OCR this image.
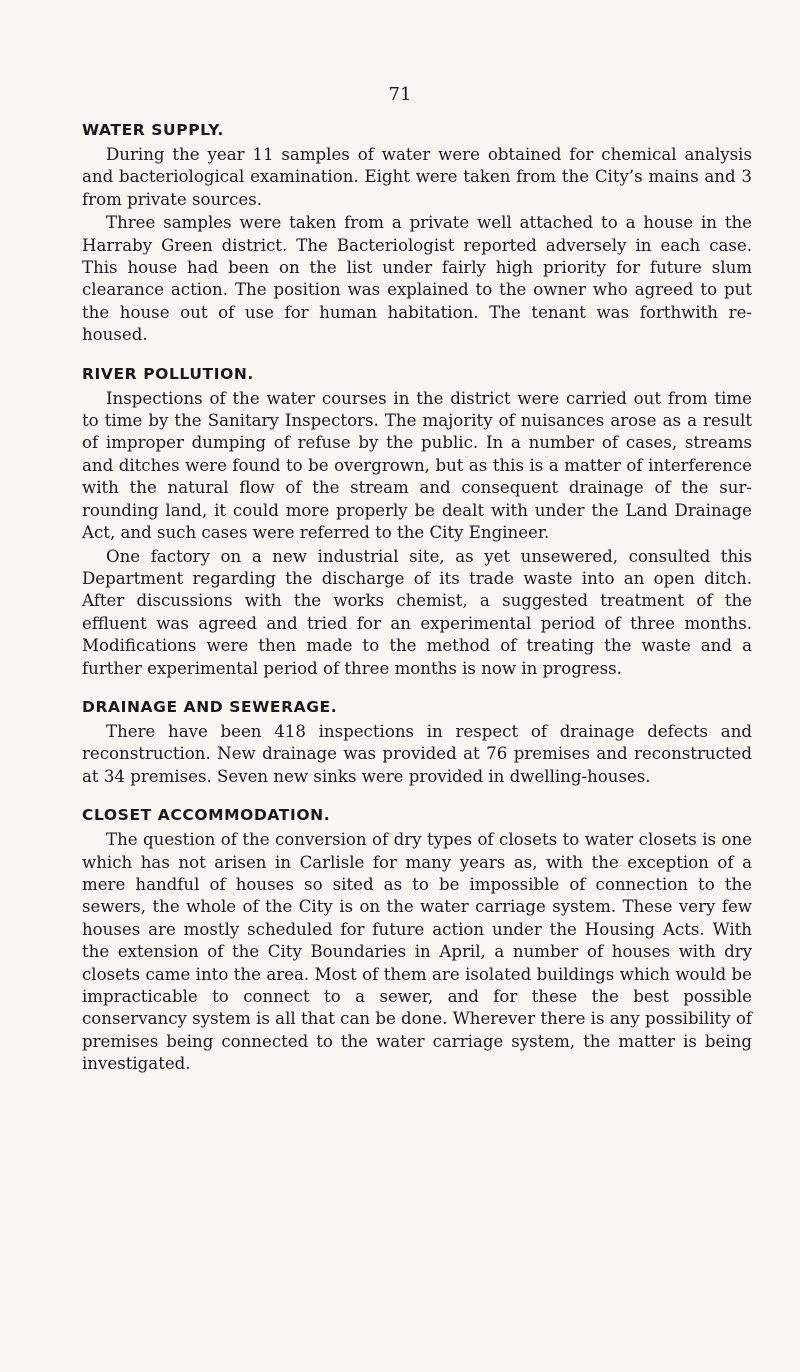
71
WATER SUPPLY.

During the year 11 samples of water were obtained for chemical analysis and bacteriological examination. Eight were taken from the City’s mains and 3 from private sources.

Three samples were taken from a private well attached to a house in the Harraby Green district. The Bacteriologist reported adversely in each case. This house had been on the list under fairly high priority for future slum clearance action. The position was explained to the owner who agreed to put the house out of use for human habitation. The tenant was forthwith re-housed.

RIVER POLLUTION.

Inspections of the water courses in the district were carried out from time to time by the Sanitary Inspectors. The majority of nuisances arose as a result of improper dumping of refuse by the public. In a number of cases, streams and ditches were found to be overgrown, but as this is a matter of interference with the natural flow of the stream and consequent drainage of the surrounding land, it could more properly be dealt with under the Land Drainage Act, and such cases were referred to the City Engineer.

One factory on a new industrial site, as yet unsewered, consulted this Department regarding the discharge of its trade waste into an open ditch. After discussions with the works chemist, a suggested treatment of the effluent was agreed and tried for an experimental period of three months. Modifications were then made to the method of treating the waste and a further experimental period of three months is now in progress.

DRAINAGE AND SEWERAGE.

There have been 418 inspections in respect of drainage defects and reconstruction. New drainage was provided at 76 premises and reconstructed at 34 premises. Seven new sinks were provided in dwelling-houses.

CLOSET ACCOMMODATION.

The question of the conversion of dry types of closets to water closets is one which has not arisen in Carlisle for many years as, with the exception of a mere handful of houses so sited as to be impossible of connection to the sewers, the whole of the City is on the water carriage system. These very few houses are mostly scheduled for future action under the Housing Acts. With the extension of the City Boundaries in April, a number of houses with dry closets came into the area. Most of them are isolated buildings which would be impracticable to connect to a sewer, and for these the best possible conservancy system is all that can be done. Wherever there is any possibility of premises being connected to the water carriage system, the matter is being investigated.
